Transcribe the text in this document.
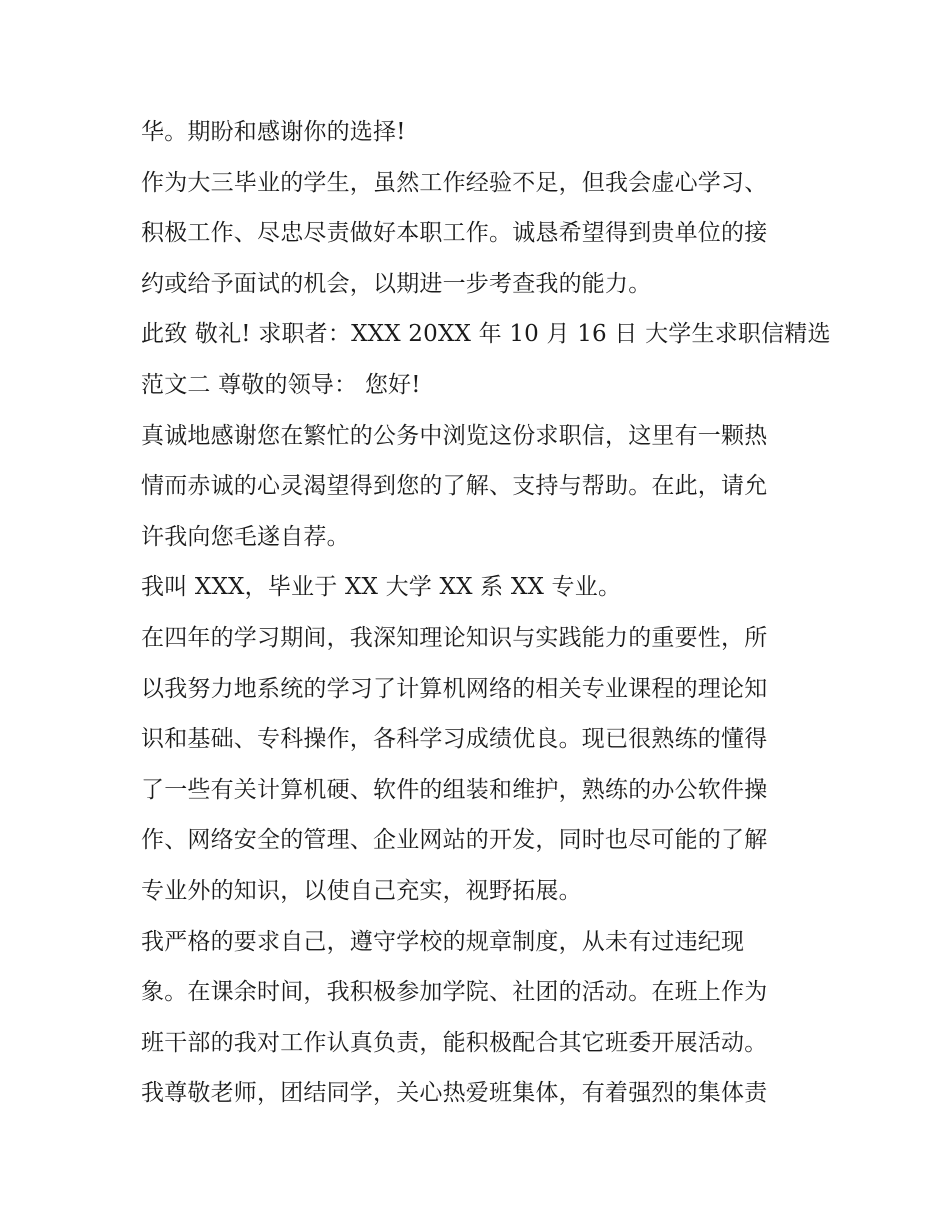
华。期盼和感谢你的选择!
作为大三毕业的学生，虽然工作经验不足，但我会虚心学习、
积极工作、尽忠尽责做好本职工作。诚恳希望得到贵单位的接
约或给予面试的机会，以期进一步考查我的能力。
此致 敬礼! 求职者：XXX 20XX 年 10 月 16 日 大学生求职信精选
范文二 尊敬的领导： 您好!
真诚地感谢您在繁忙的公务中浏览这份求职信，这里有一颗热
情而赤诚的心灵渴望得到您的了解、支持与帮助。在此，请允
许我向您毛遂自荐。
我叫 XXX，毕业于 XX 大学 XX 系 XX 专业。
在四年的学习期间，我深知理论知识与实践能力的重要性，所
以我努力地系统的学习了计算机网络的相关专业课程的理论知
识和基础、专科操作，各科学习成绩优良。现已很熟练的懂得
了一些有关计算机硬、软件的组装和维护，熟练的办公软件操
作、网络安全的管理、企业网站的开发，同时也尽可能的了解
专业外的知识，以使自己充实，视野拓展。
我严格的要求自己，遵守学校的规章制度，从未有过违纪现
象。在课余时间，我积极参加学院、社团的活动。在班上作为
班干部的我对工作认真负责，能积极配合其它班委开展活动。
我尊敬老师，团结同学，关心热爱班集体，有着强烈的集体责
